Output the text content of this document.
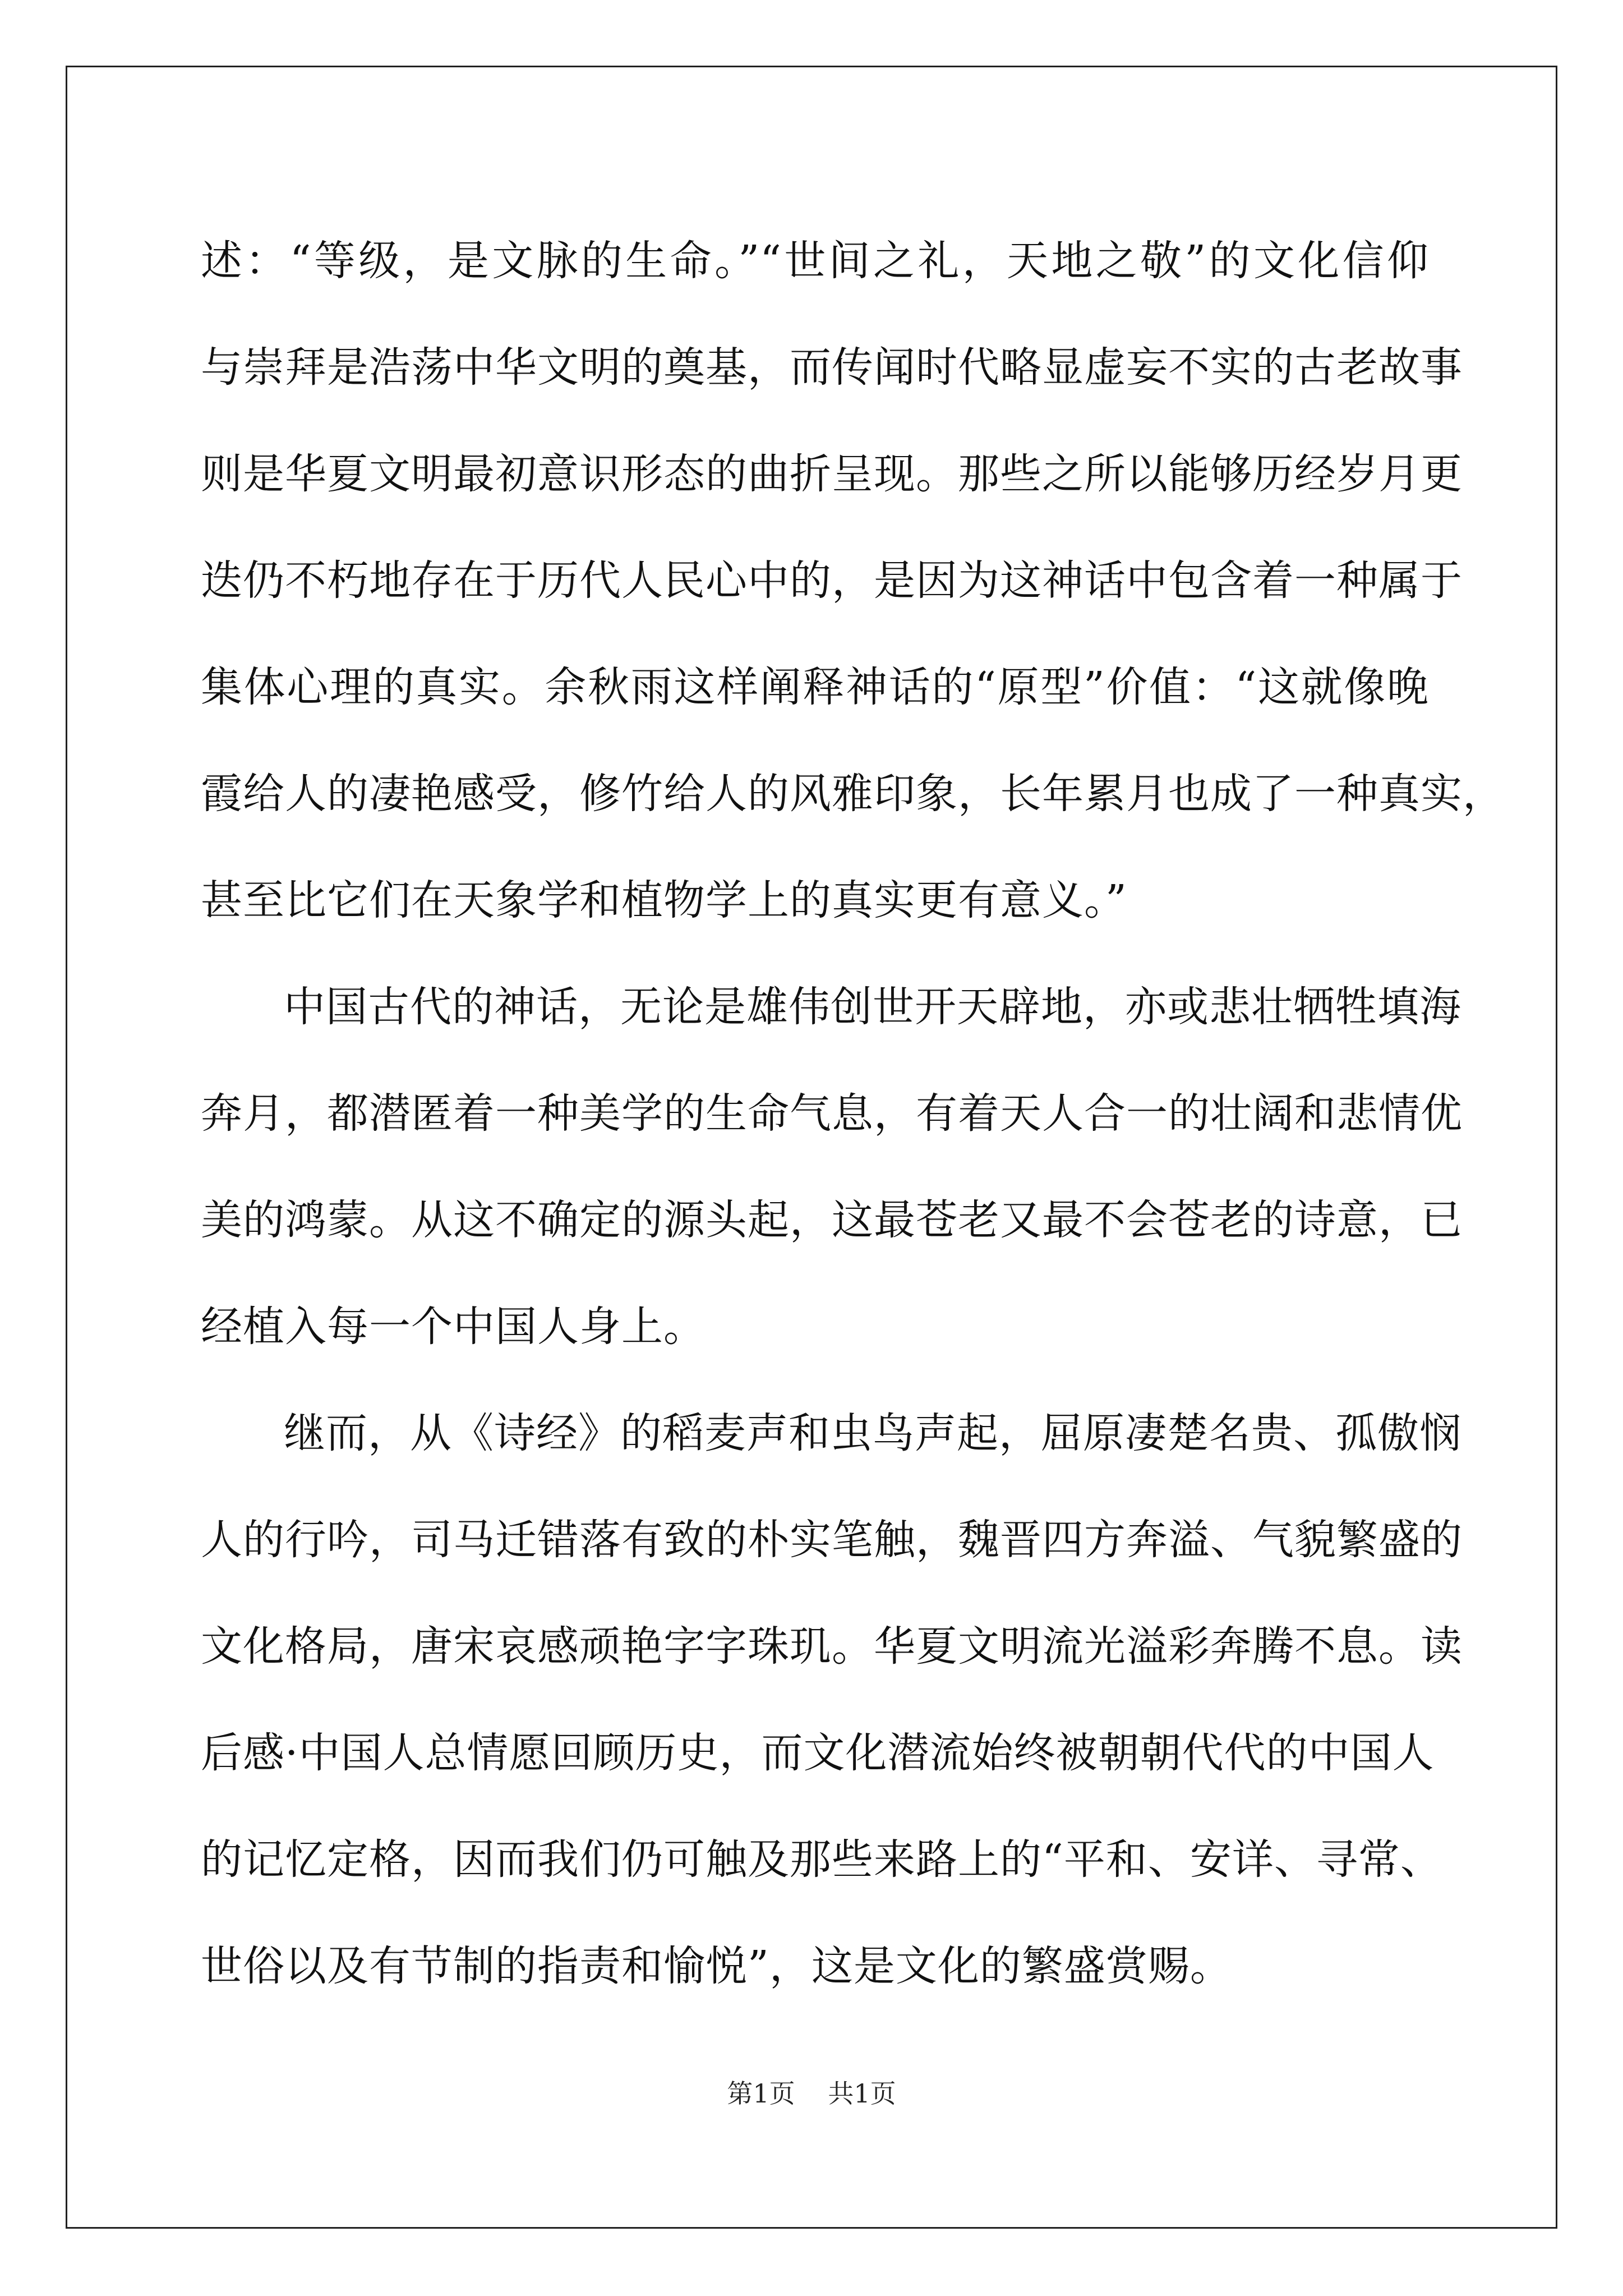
述：“等级，是文脉的生命。”“世间之礼，天地之敬”的文化信仰
与崇拜是浩荡中华文明的奠基，而传闻时代略显虚妄不实的古老故事
则是华夏文明最初意识形态的曲折呈现。那些之所以能够历经岁月更
迭仍不朽地存在于历代人民心中的，是因为这神话中包含着一种属于
集体心理的真实。余秋雨这样阐释神话的“原型”价值：“这就像晚
霞给人的凄艳感受，修竹给人的风雅印象，长年累月也成了一种真实，
甚至比它们在天象学和植物学上的真实更有意义。”
中国古代的神话，无论是雄伟创世开天辟地，亦或悲壮牺牲填海
奔月，都潜匿着一种美学的生命气息，有着天人合一的壮阔和悲情优
美的鸿蒙。从这不确定的源头起，这最苍老又最不会苍老的诗意，已
经植入每一个中国人身上。
继而，从《诗经》的稻麦声和虫鸟声起，屈原凄楚名贵、孤傲悯
人的行吟，司马迁错落有致的朴实笔触，魏晋四方奔溢、气貌繁盛的
文化格局，唐宋哀感顽艳字字珠玑。华夏文明流光溢彩奔腾不息。读
后感·中国人总情愿回顾历史，而文化潜流始终被朝朝代代的中国人
的记忆定格，因而我们仍可触及那些来路上的“平和、安详、寻常、
世俗以及有节制的指责和愉悦”，这是文化的繁盛赏赐。
第1页 共1页
